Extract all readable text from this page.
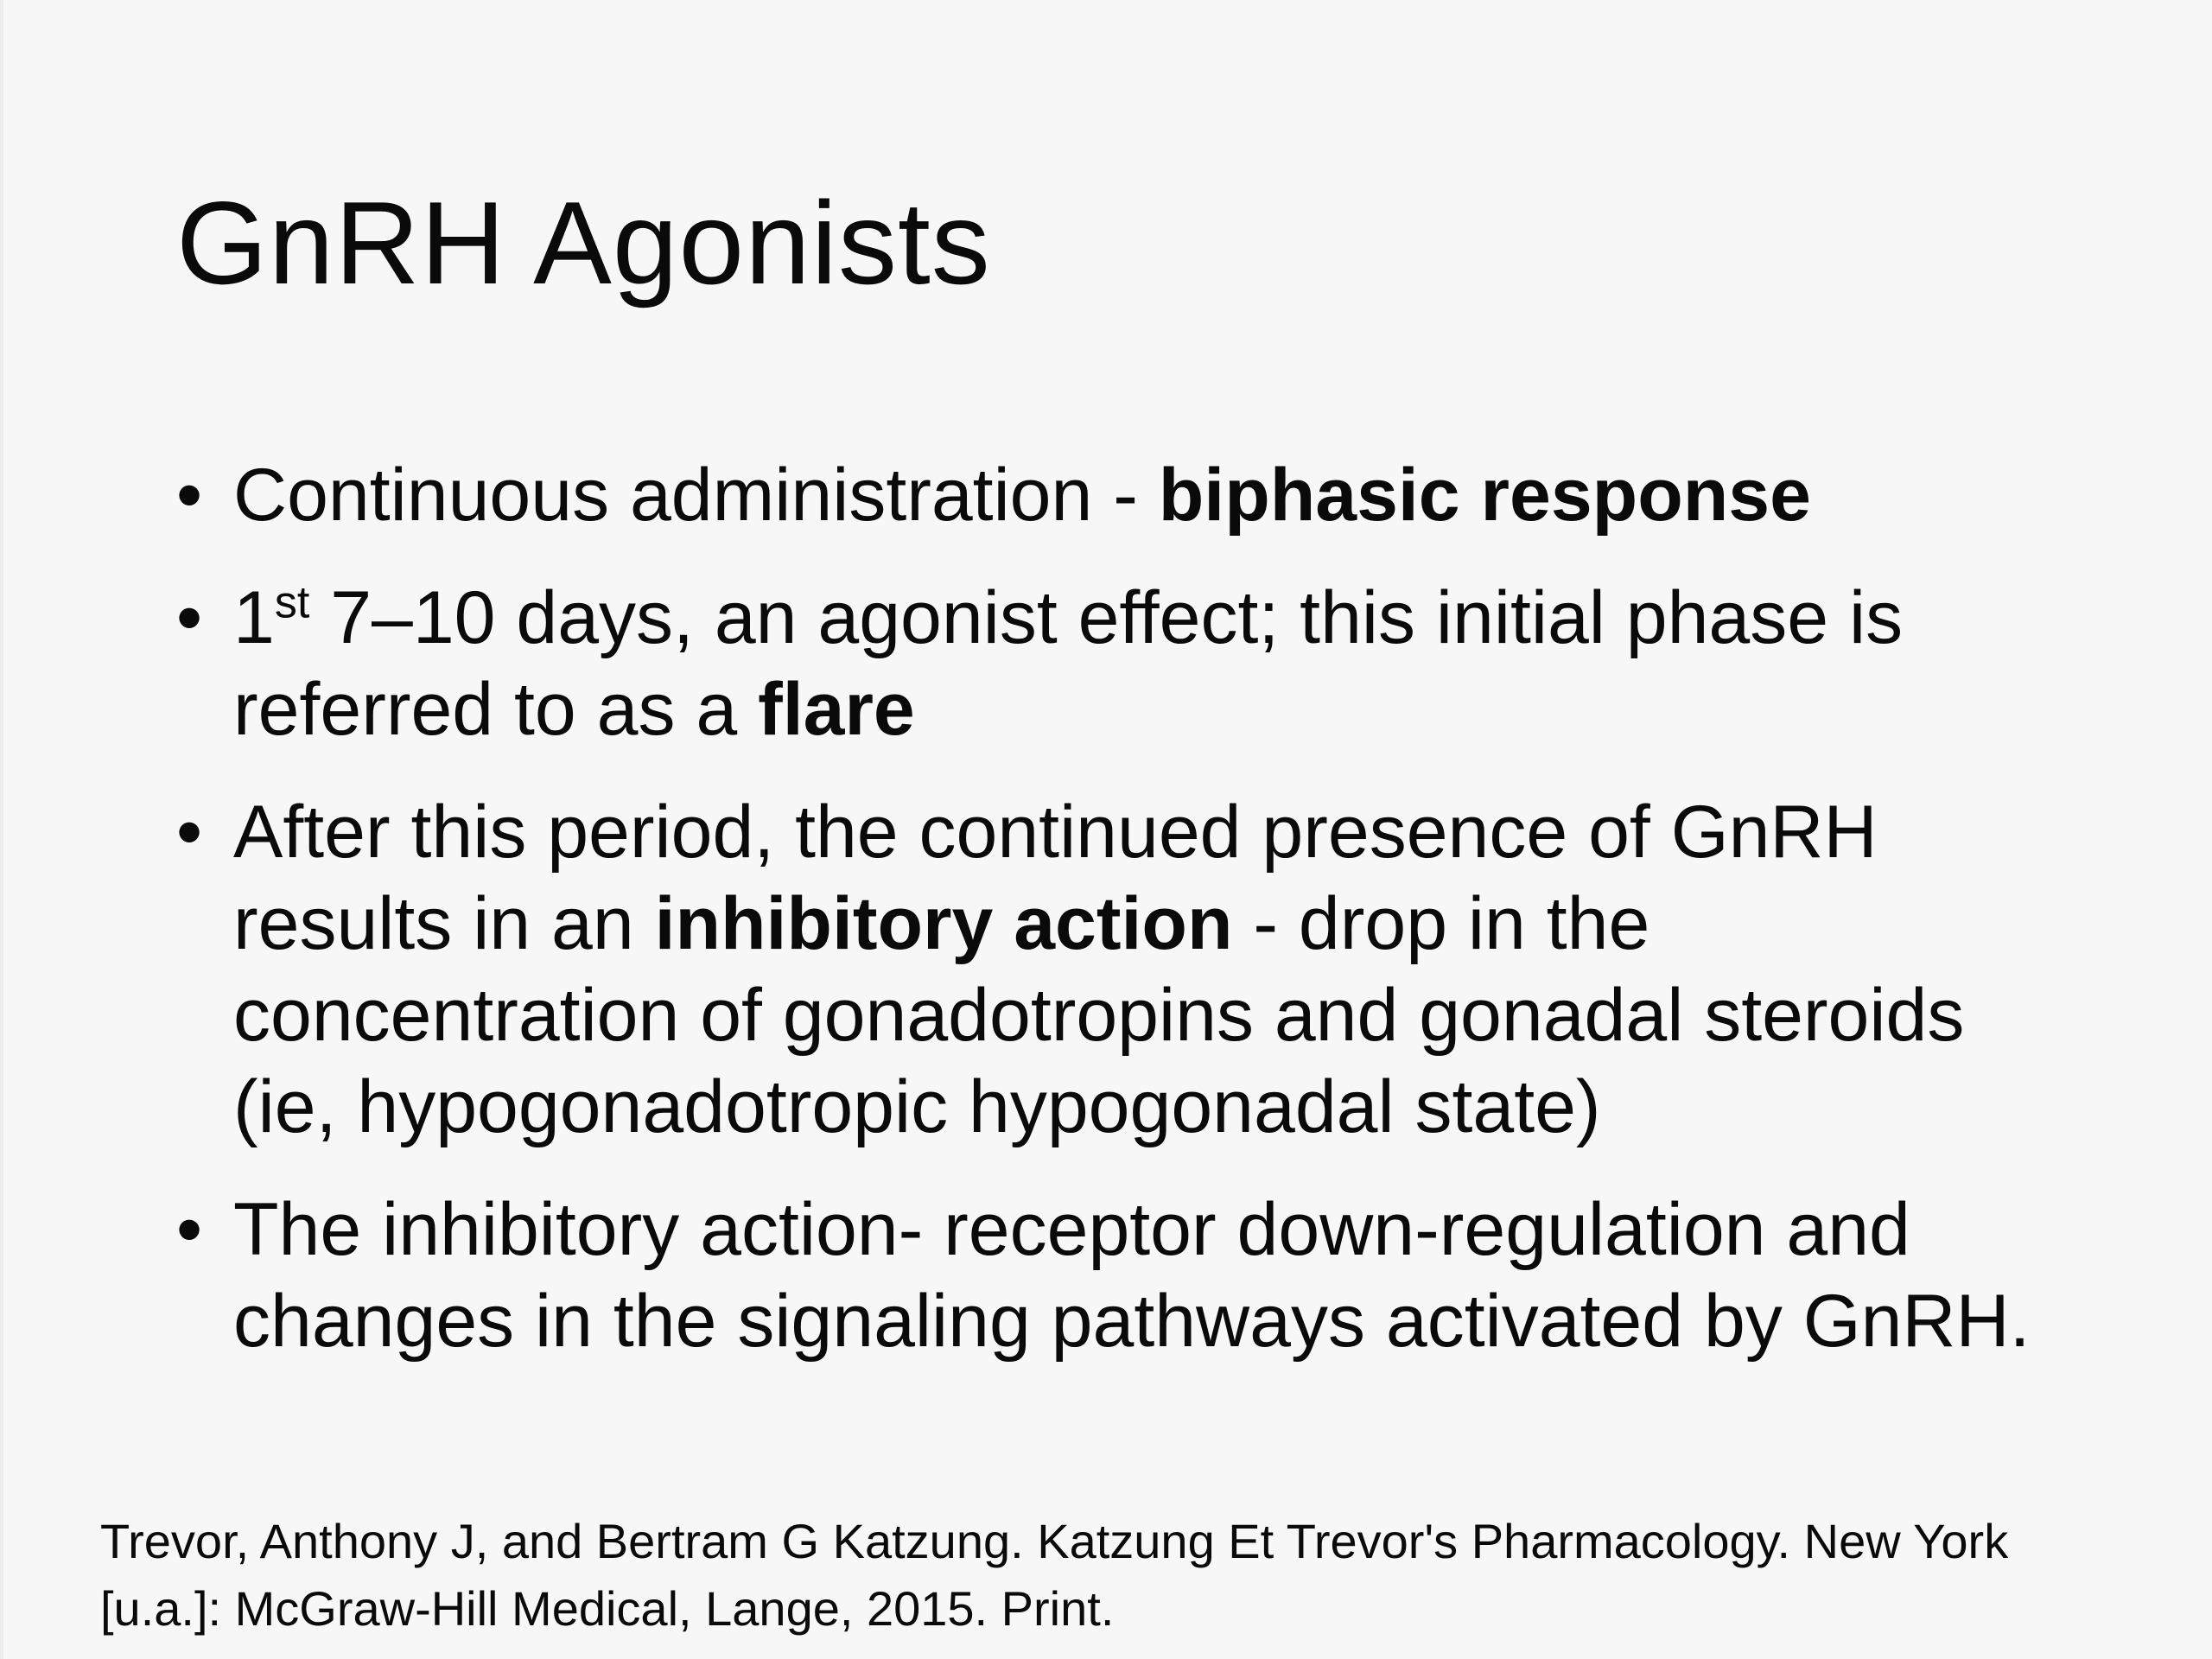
GnRH Agonists
• Continuous administration - biphasic response
• 1st 7–10 days, an agonist effect; this initial phase is referred to as a flare
• After this period, the continued presence of GnRH results in an inhibitory action - drop in the concentration of gonadotropins and gonadal steroids (ie, hypogonadotropic hypogonadal state)
• The inhibitory action- receptor down-regulation and changes in the signaling pathways activated by GnRH.

Trevor, Anthony J, and Bertram G Katzung. Katzung Et Trevor's Pharmacology. New York
[u.a.]: McGraw-Hill Medical, Lange, 2015. Print.
